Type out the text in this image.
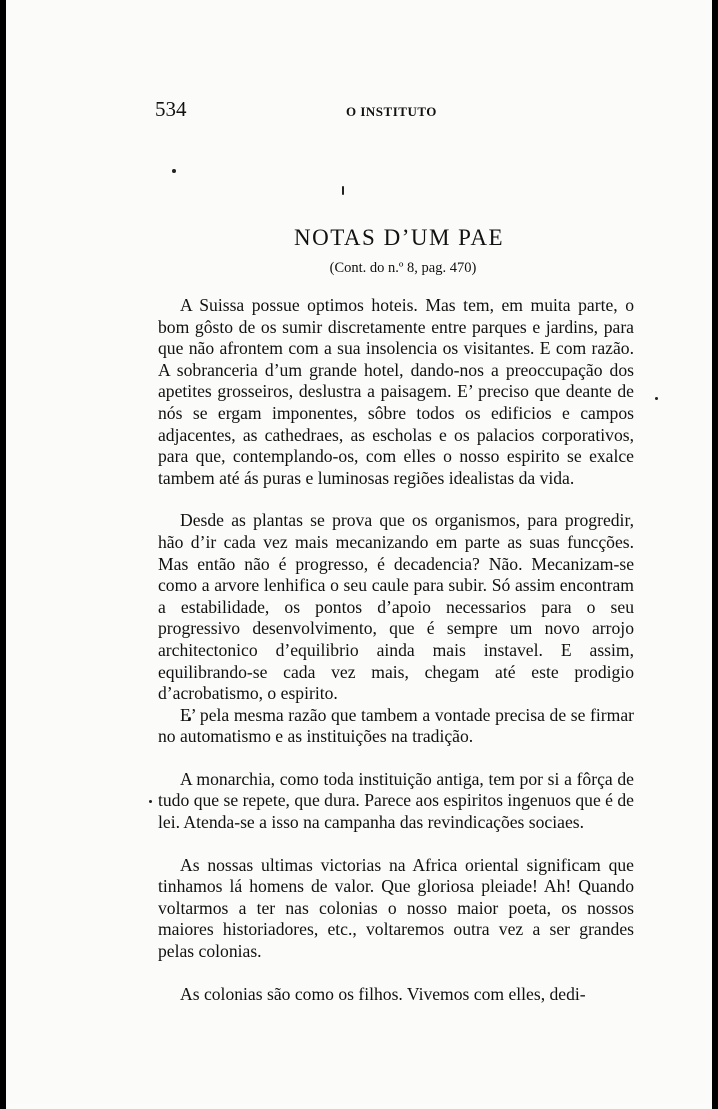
534	O INSTITUTO
NOTAS D’UM PAE
(Cont. do n.º 8, pag. 470)

A Suissa possue optimos hoteis. Mas tem, em muita parte, o bom gôsto de os sumir discretamente entre parques e jardins, para que não afrontem com a sua insolencia os visitantes. E com razão. A sobranceria d’um grande hotel, dando-nos a preoccupação dos apetites grosseiros, deslustra a paisagem. E’ preciso que deante de nós se ergam imponentes, sôbre todos os edificios e campos adjacentes, as cathedraes, as escholas e os palacios corporativos, para que, contemplando-os, com elles o nosso espirito se exalce tambem até ás puras e luminosas regiões idealistas da vida.

Desde as plantas se prova que os organismos, para progredir, hão d’ir cada vez mais mecanizando em parte as suas funcções. Mas então não é progresso, é decadencia? Não. Mecanizam-se como a arvore lenhifica o seu caule para subir. Só assim encontram a estabilidade, os pontos d’apoio necessarios para o seu progressivo desenvolvimento, que é sempre um novo arrojo architectonico d’equilibrio ainda mais instavel. E assim, equilibrando-se cada vez mais, chegam até este prodigio d’acrobatismo, o espirito.

E’ pela mesma razão que tambem a vontade precisa de se firmar no automatismo e as instituições na tradição.

A monarchia, como toda instituição antiga, tem por si a fôrça de tudo que se repete, que dura. Parece aos espiritos ingenuos que é de lei. Atenda-se a isso na campanha das revindicações sociaes.

As nossas ultimas victorias na Africa oriental significam que tinhamos lá homens de valor. Que gloriosa pleiade! Ah! Quando voltarmos a ter nas colonias o nosso maior poeta, os nossos maiores historiadores, etc., voltaremos outra vez a ser grandes pelas colonias.

As colonias são como os filhos. Vivemos com elles, dedi-
